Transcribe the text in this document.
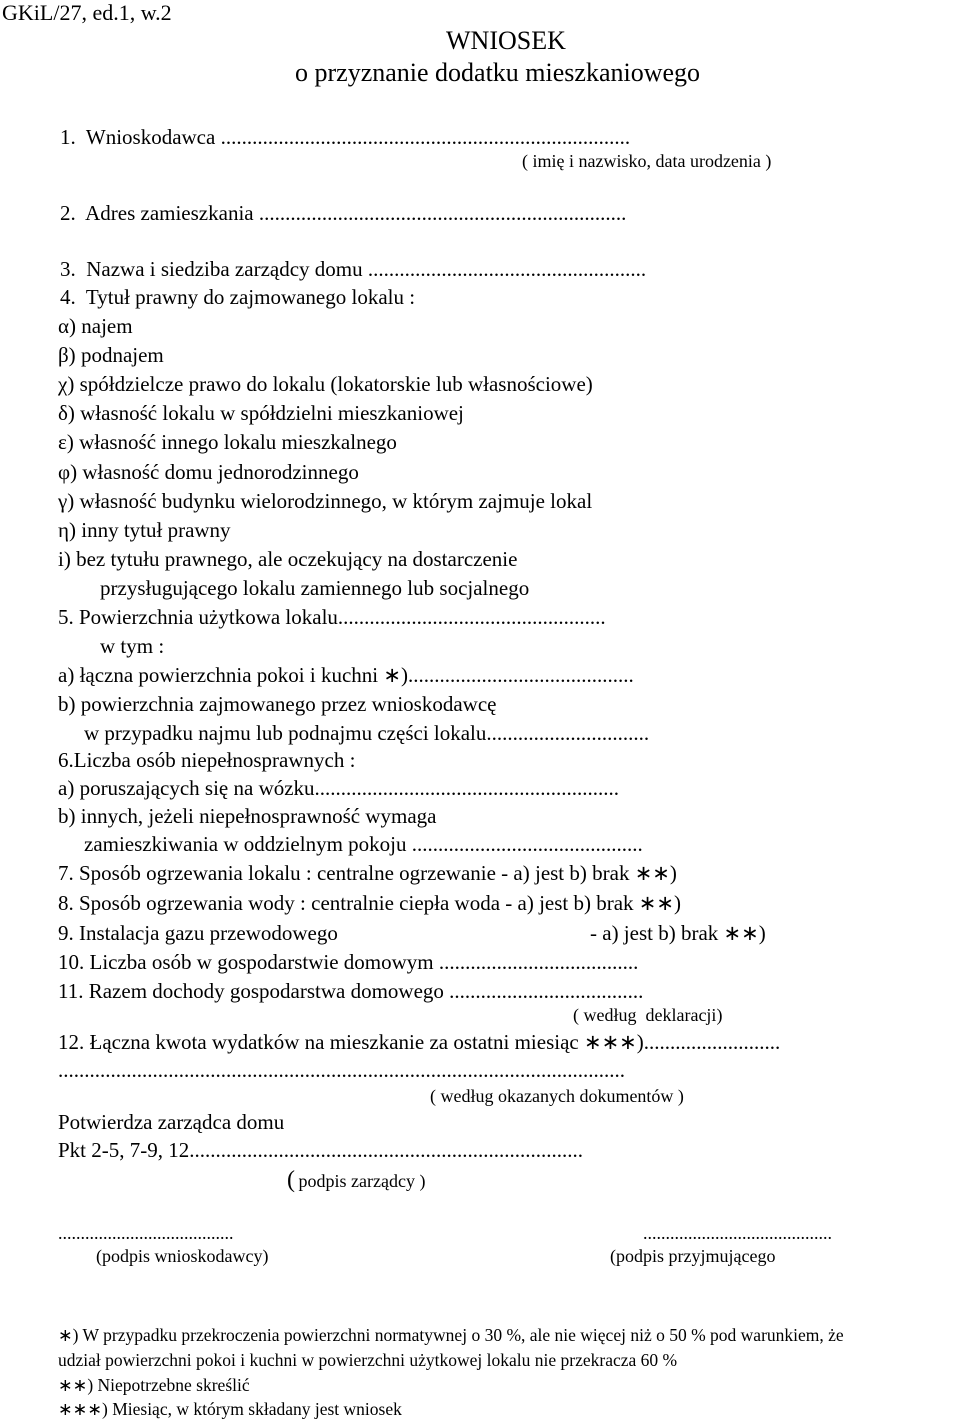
GKiL/27, ed.1, w.2
WNIOSEK
o przyznanie dodatku mieszkaniowego
1.  Wnioskodawca ..............................................................................
( imię i nazwisko, data urodzenia )
2.  Adres zamieszkania ......................................................................
3.  Nazwa i siedziba zarządcy domu .....................................................
4.  Tytuł prawny do zajmowanego lokalu :
α) najem
β) podnajem
χ) spółdzielcze prawo do lokalu (lokatorskie lub własnościowe)
δ) własność lokalu w spółdzielni mieszkaniowej
ε) własność innego lokalu mieszkalnego
φ) własność domu jednorodzinnego
γ) własność budynku wielorodzinnego, w którym zajmuje lokal
η) inny tytuł prawny
i) bez tytułu prawnego, ale oczekujący na dostarczenie
przysługującego lokalu zamiennego lub socjalnego
5. Powierzchnia użytkowa lokalu...................................................
w tym :
a) łączna powierzchnia pokoi i kuchni ∗)...........................................
b) powierzchnia zajmowanego przez wnioskodawcę
w przypadku najmu lub podnajmu części lokalu...............................
6.Liczba osób niepełnosprawnych :
a) poruszających się na wózku..........................................................
b) innych, jeżeli niepełnosprawność wymaga
zamieszkiwania w oddzielnym pokoju ............................................
7. Sposób ogrzewania lokalu : centralne ogrzewanie - a) jest b) brak ∗∗)
8. Sposób ogrzewania wody : centralnie ciepła woda - a) jest b) brak ∗∗)
9. Instalacja gazu przewodowego	- a) jest b) brak ∗∗)
10. Liczba osób w gospodarstwie domowym ......................................
11. Razem dochody gospodarstwa domowego .....................................
( według  deklaracji)
12. Łączna kwota wydatków na mieszkanie za ostatni miesiąc ∗∗∗)..........................
............................................................................................................
( według okazanych dokumentów )
Potwierdza zarządca domu
Pkt 2-5, 7-9, 12...........................................................................
( podpis zarządcy )
.......................................	..........................................
(podpis wnioskodawcy)	(podpis przyjmującego
∗) W przypadku przekroczenia powierzchni normatywnej o 30 %, ale nie więcej niż o 50 % pod warunkiem, że
udział powierzchni pokoi i kuchni w powierzchni użytkowej lokalu nie przekracza 60 %
∗∗) Niepotrzebne skreślić
∗∗∗) Miesiąc, w którym składany jest wniosek
